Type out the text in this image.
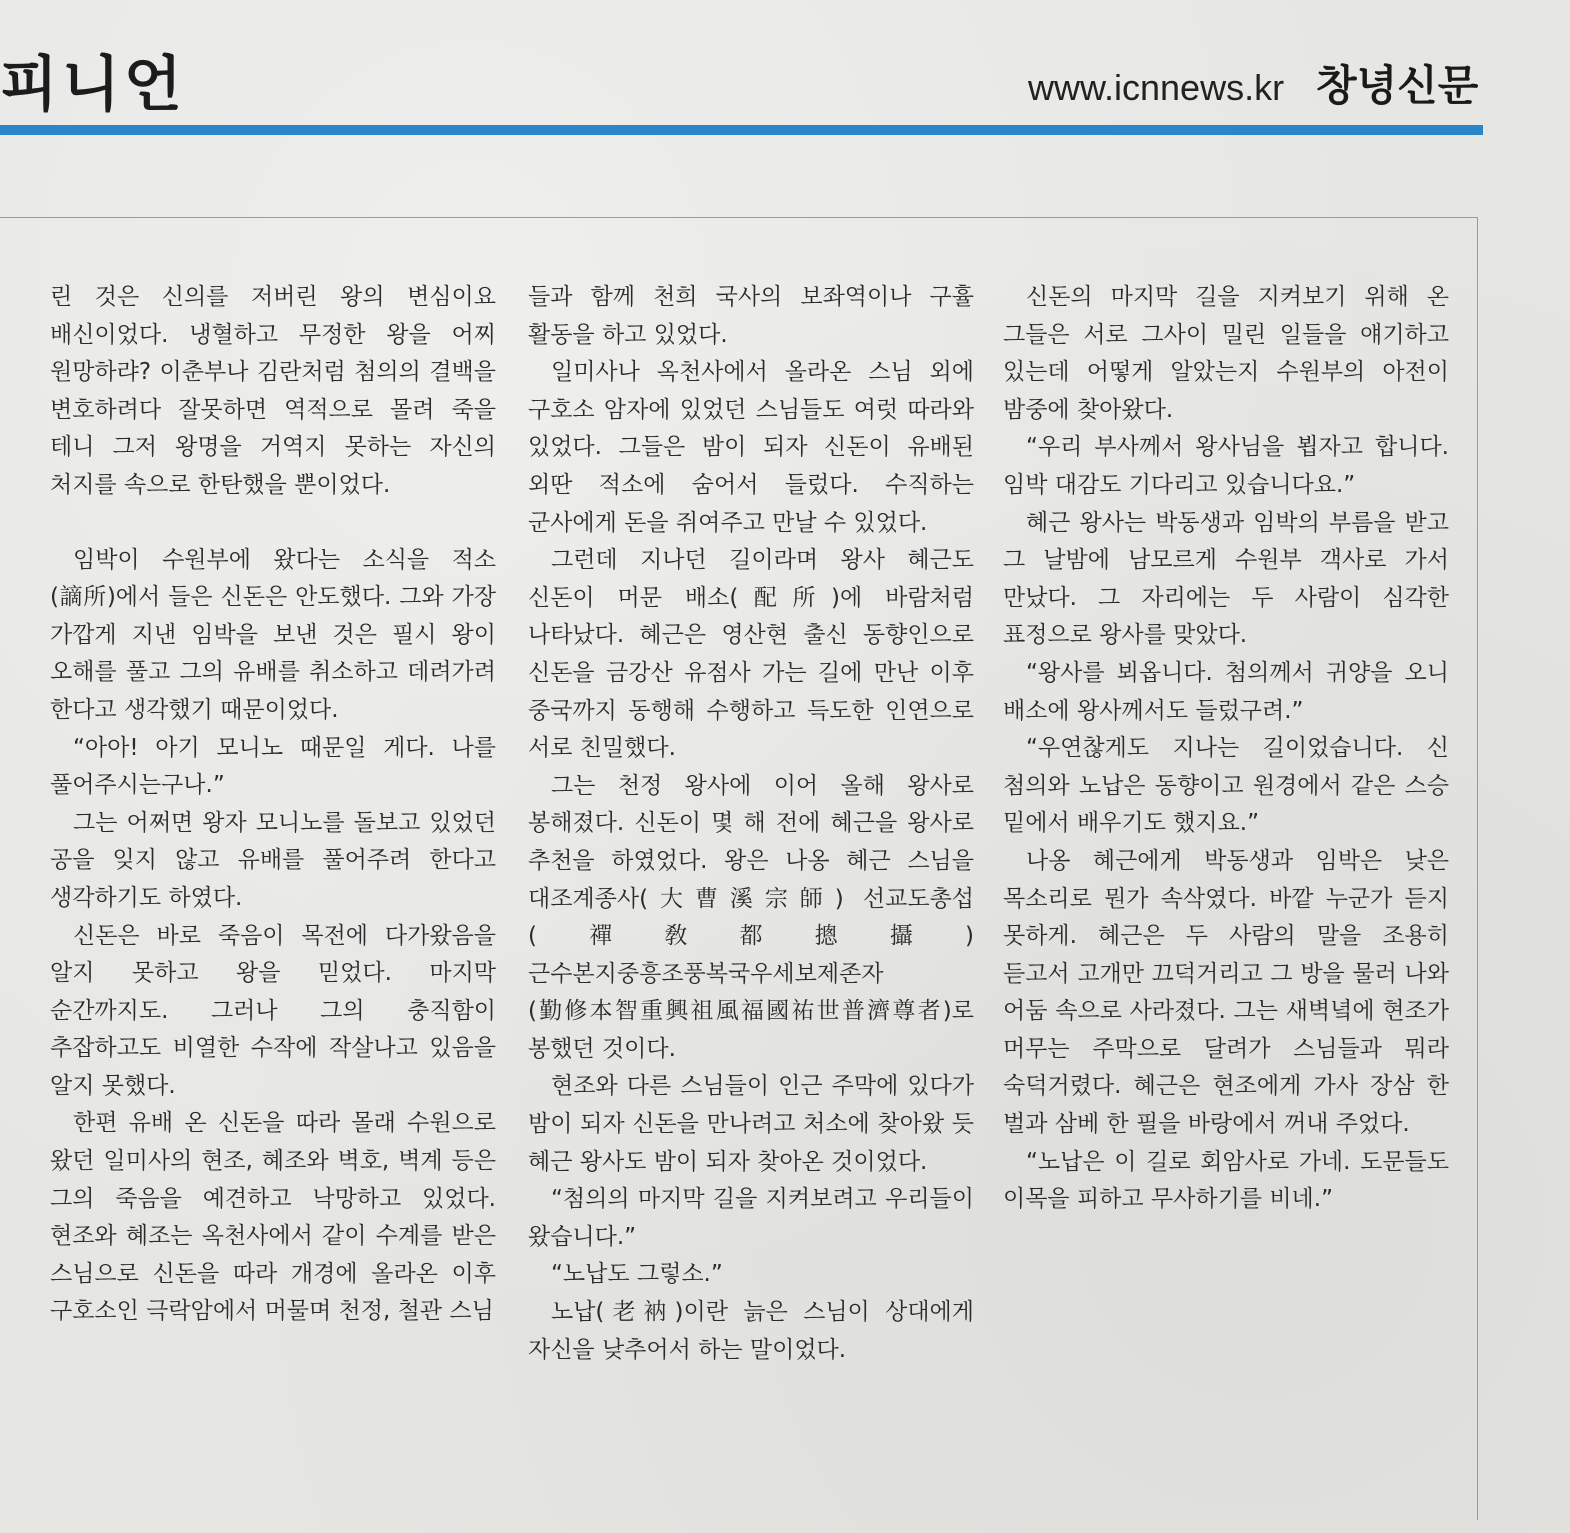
피니언	www.icnnews.kr 창녕신문

린 것은 신의를 저버린 왕의 변심이요 배신이었다. 냉혈하고 무정한 왕을 어찌 원망하랴? 이춘부나 김란처럼 첨의의 결백을 변호하려다 잘못하면 역적으로 몰려 죽을 테니 그저 왕명을 거역지 못하는 자신의 처지를 속으로 한탄했을 뿐이었다.

임박이 수원부에 왔다는 소식을 적소(謫所)에서 들은 신돈은 안도했다. 그와 가장 가깝게 지낸 임박을 보낸 것은 필시 왕이 오해를 풀고 그의 유배를 취소하고 데려가려 한다고 생각했기 때문이었다.

“아아! 아기 모니노 때문일 게다. 나를 풀어주시는구나.”

그는 어쩌면 왕자 모니노를 돌보고 있었던 공을 잊지 않고 유배를 풀어주려 한다고 생각하기도 하였다.

신돈은 바로 죽음이 목전에 다가왔음을 알지 못하고 왕을 믿었다. 마지막 순간까지도. 그러나 그의 충직함이 추잡하고도 비열한 수작에 작살나고 있음을 알지 못했다.

한편 유배 온 신돈을 따라 몰래 수원으로 왔던 일미사의 현조, 혜조와 벽호, 벽계 등은 그의 죽음을 예견하고 낙망하고 있었다. 현조와 혜조는 옥천사에서 같이 수계를 받은 스님으로 신돈을 따라 개경에 올라온 이후 구호소인 극락암에서 머물며 천정, 철관 스님

들과 함께 천희 국사의 보좌역이나 구휼 활동을 하고 있었다.

일미사나 옥천사에서 올라온 스님 외에 구호소 암자에 있었던 스님들도 여럿 따라와 있었다. 그들은 밤이 되자 신돈이 유배된 외딴 적소에 숨어서 들렀다. 수직하는 군사에게 돈을 쥐여주고 만날 수 있었다.

그런데 지나던 길이라며 왕사 혜근도 신돈이 머문 배소(配所)에 바람처럼 나타났다. 혜근은 영산현 출신 동향인으로 신돈을 금강산 유점사 가는 길에 만난 이후 중국까지 동행해 수행하고 득도한 인연으로 서로 친밀했다.

그는 천정 왕사에 이어 올해 왕사로 봉해졌다. 신돈이 몇 해 전에 혜근을 왕사로 추천을 하였었다. 왕은 나옹 혜근 스님을 대조계종사(大曹溪宗師) 선교도총섭(禪敎都摠攝) 근수본지중흥조풍복국우세보제존자(勤修本智重興祖風福國祐世普濟尊者)로 봉했던 것이다.

현조와 다른 스님들이 인근 주막에 있다가 밤이 되자 신돈을 만나려고 처소에 찾아왔 듯 혜근 왕사도 밤이 되자 찾아온 것이었다.

“첨의의 마지막 길을 지켜보려고 우리들이 왔습니다.”

“노납도 그렇소.”

노납(老衲)이란 늙은 스님이 상대에게 자신을 낮추어서 하는 말이었다.

신돈의 마지막 길을 지켜보기 위해 온 그들은 서로 그사이 밀린 일들을 얘기하고 있는데 어떻게 알았는지 수원부의 아전이 밤중에 찾아왔다.

“우리 부사께서 왕사님을 뵙자고 합니다. 임박 대감도 기다리고 있습니다요.”

혜근 왕사는 박동생과 임박의 부름을 받고 그 날밤에 남모르게 수원부 객사로 가서 만났다. 그 자리에는 두 사람이 심각한 표정으로 왕사를 맞았다.

“왕사를 뵈옵니다. 첨의께서 귀양을 오니 배소에 왕사께서도 들렀구려.”

“우연찮게도 지나는 길이었습니다. 신 첨의와 노납은 동향이고 원경에서 같은 스승 밑에서 배우기도 했지요.”

나옹 혜근에게 박동생과 임박은 낮은 목소리로 뭔가 속삭였다. 바깥 누군가 듣지 못하게. 혜근은 두 사람의 말을 조용히 듣고서 고개만 끄덕거리고 그 방을 물러 나와 어둠 속으로 사라졌다. 그는 새벽녘에 현조가 머무는 주막으로 달려가 스님들과 뭐라 숙덕거렸다. 혜근은 현조에게 가사 장삼 한 벌과 삼베 한 필을 바랑에서 꺼내 주었다.

“노납은 이 길로 회암사로 가네. 도문들도 이목을 피하고 무사하기를 비네.”
